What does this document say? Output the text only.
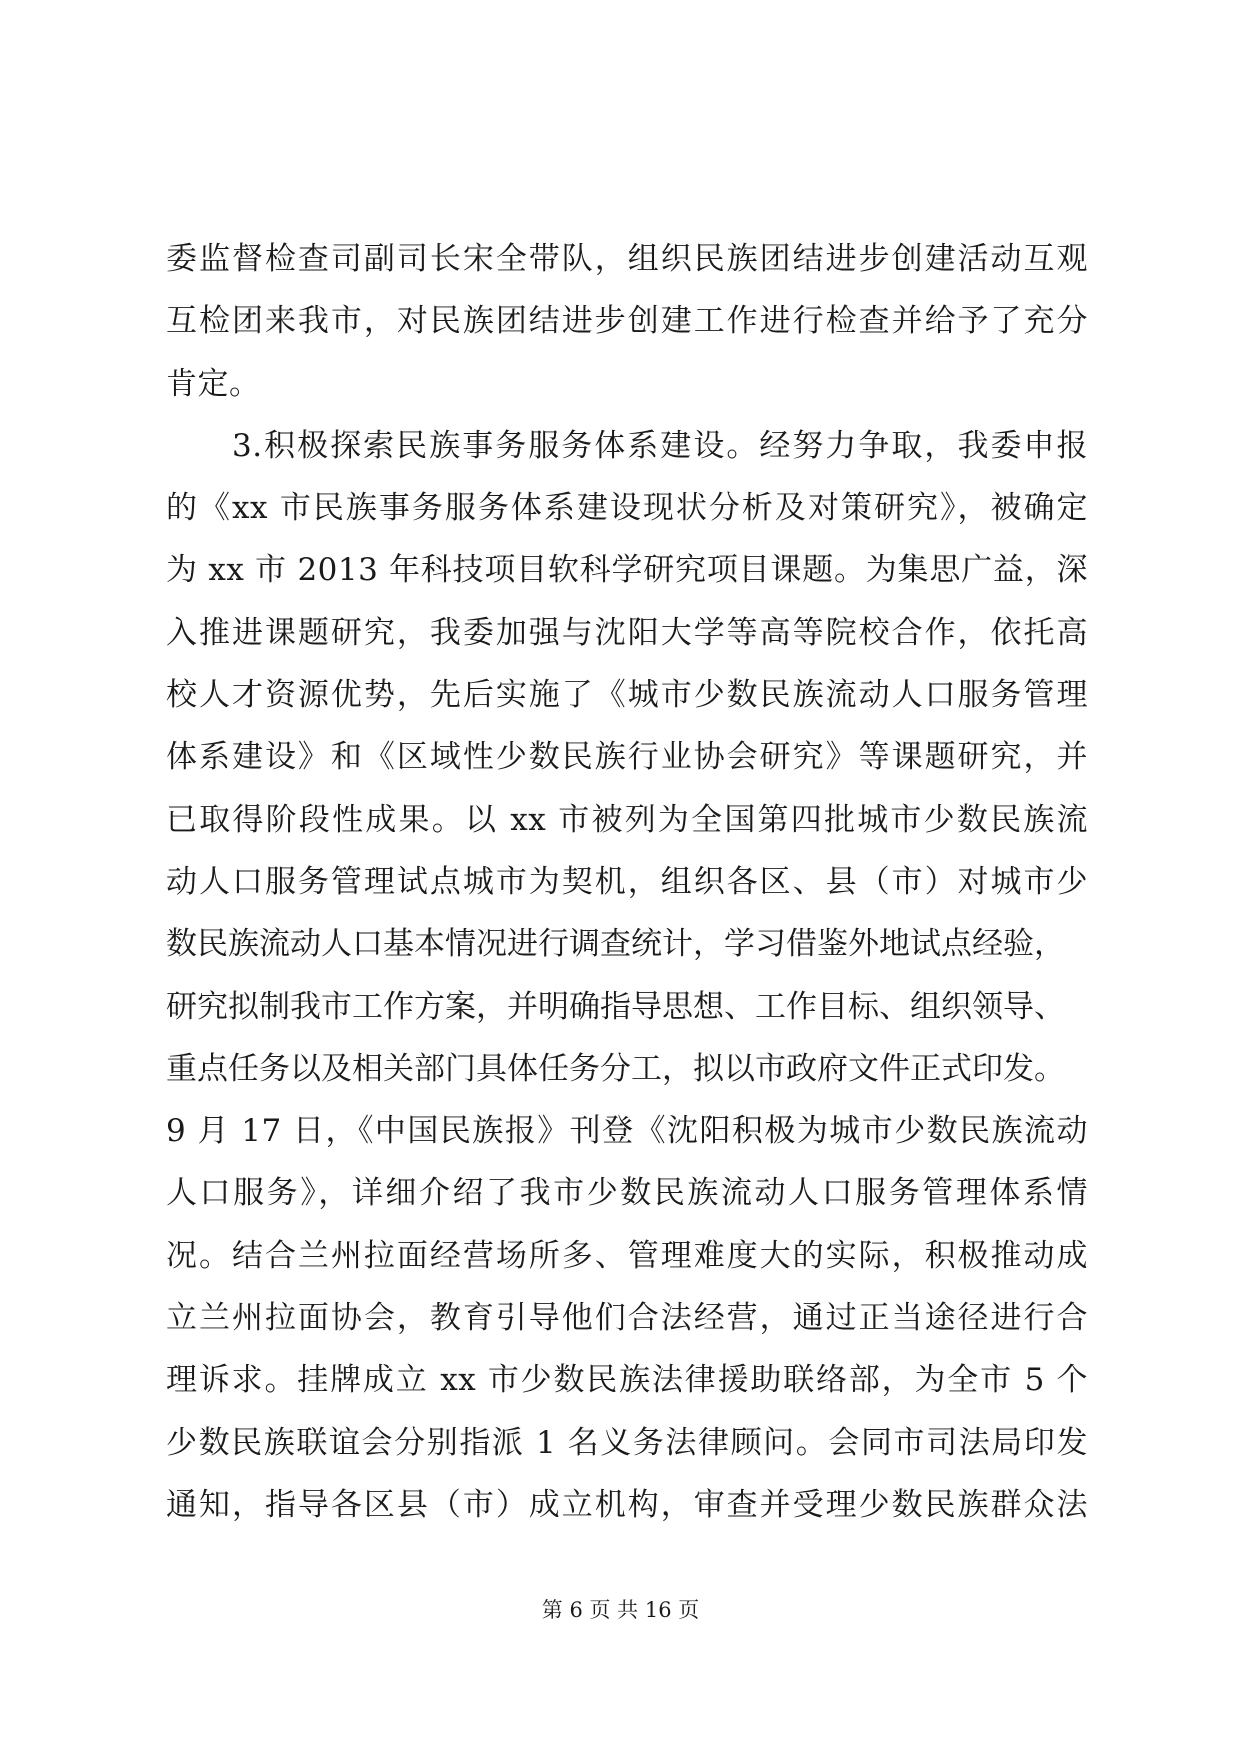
委监督检查司副司长宋全带队，组织民族团结进步创建活动互观
互检团来我市，对民族团结进步创建工作进行检查并给予了充分
肯定。
　　3.积极探索民族事务服务体系建设。经努力争取，我委申报
的《xx 市民族事务服务体系建设现状分析及对策研究》，被确定
为 xx 市 2013 年科技项目软科学研究项目课题。为集思广益，深
入推进课题研究，我委加强与沈阳大学等高等院校合作，依托高
校人才资源优势，先后实施了《城市少数民族流动人口服务管理
体系建设》和《区域性少数民族行业协会研究》等课题研究，并
已取得阶段性成果。以 xx 市被列为全国第四批城市少数民族流
动人口服务管理试点城市为契机，组织各区、县（市）对城市少
数民族流动人口基本情况进行调查统计，学习借鉴外地试点经验，
研究拟制我市工作方案，并明确指导思想、工作目标、组织领导、
重点任务以及相关部门具体任务分工，拟以市政府文件正式印发。
9 月 17 日，《中国民族报》刊登《沈阳积极为城市少数民族流动
人口服务》，详细介绍了我市少数民族流动人口服务管理体系情
况。结合兰州拉面经营场所多、管理难度大的实际，积极推动成
立兰州拉面协会，教育引导他们合法经营，通过正当途径进行合
理诉求。挂牌成立 xx 市少数民族法律援助联络部，为全市 5 个
少数民族联谊会分别指派 1 名义务法律顾问。会同市司法局印发
通知，指导各区县（市）成立机构，审查并受理少数民族群众法
第 6 页 共 16 页
